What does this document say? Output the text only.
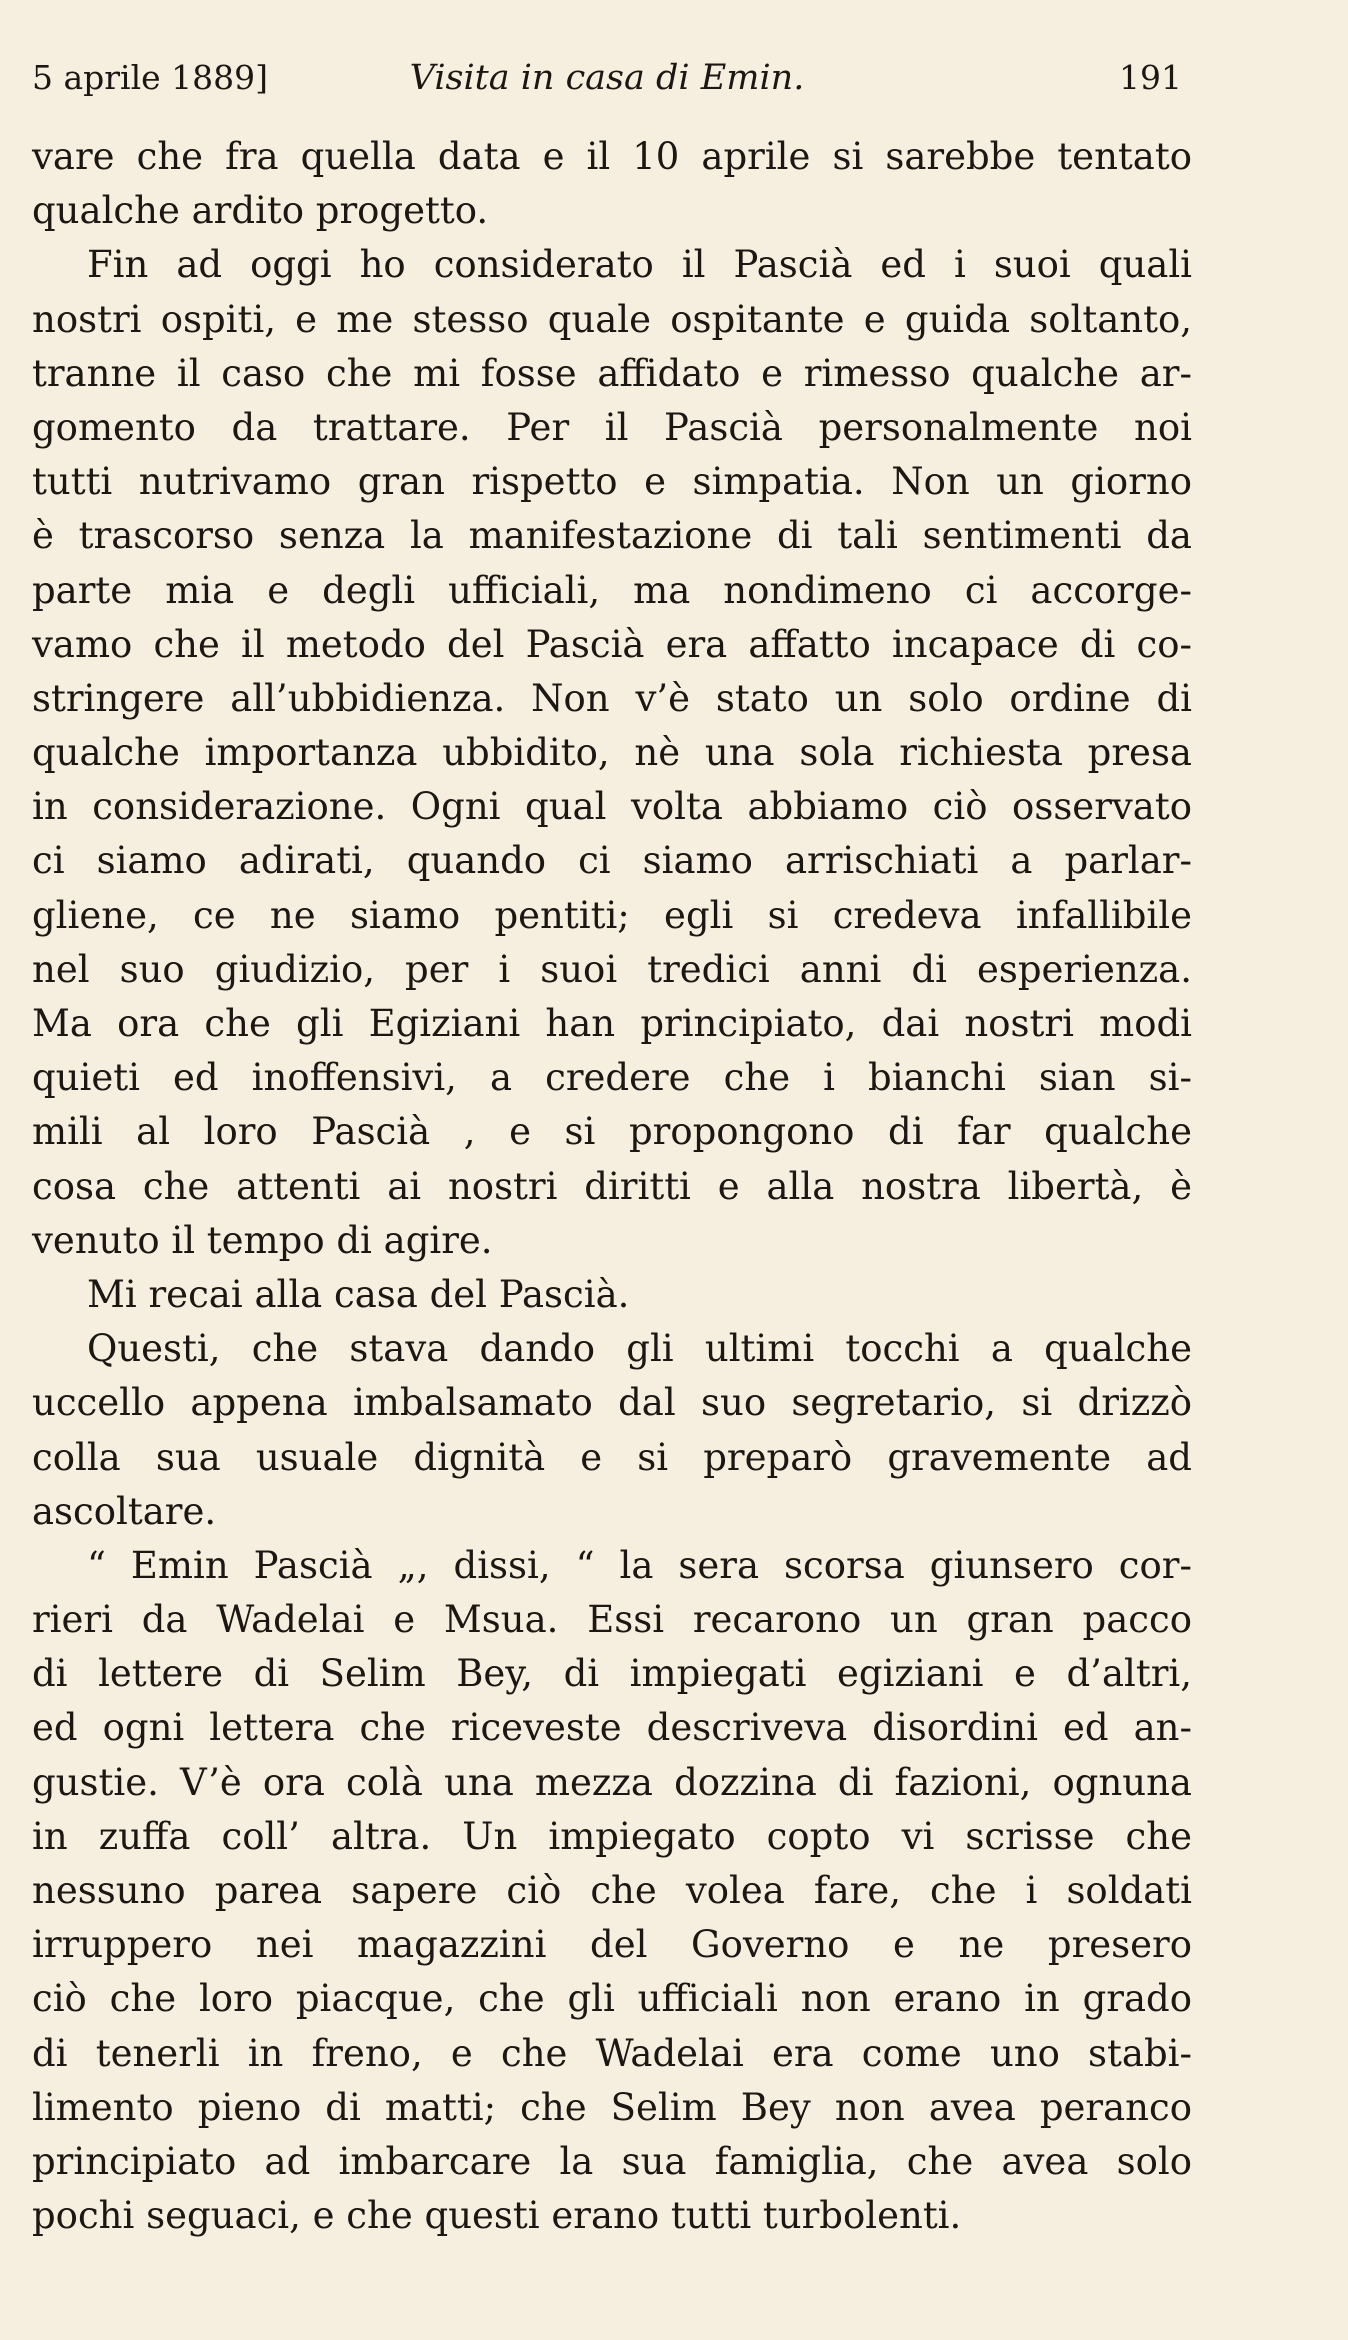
5 aprile 1889]	Visita in casa di Emin.	191
vare che fra quella data e il 10 aprile si sarebbe tentato
qualche ardito progetto.
Fin ad oggi ho considerato il Pascià ed i suoi quali
nostri ospiti, e me stesso quale ospitante e guida soltanto,
tranne il caso che mi fosse affidato e rimesso qualche ar-
gomento da trattare. Per il Pascià personalmente noi
tutti nutrivamo gran rispetto e simpatia. Non un giorno
è trascorso senza la manifestazione di tali sentimenti da
parte mia e degli ufficiali, ma nondimeno ci accorge-
vamo che il metodo del Pascià era affatto incapace di co-
stringere all’ubbidienza. Non v’è stato un solo ordine di
qualche importanza ubbidito, nè una sola richiesta presa
in considerazione. Ogni qual volta abbiamo ciò osservato
ci siamo adirati, quando ci siamo arrischiati a parlar-
gliene, ce ne siamo pentiti; egli si credeva infallibile
nel suo giudizio, per i suoi tredici anni di esperienza.
Ma ora che gli Egiziani han principiato, dai nostri modi
quieti ed inoffensivi, a credere che i bianchi sian si-
mili al loro Pascià , e si propongono di far qualche
cosa che attenti ai nostri diritti e alla nostra libertà, è
venuto il tempo di agire.
Mi recai alla casa del Pascià.
Questi, che stava dando gli ultimi tocchi a qualche
uccello appena imbalsamato dal suo segretario, si drizzò
colla sua usuale dignità e si preparò gravemente ad
ascoltare.
“ Emin Pascià „, dissi, “ la sera scorsa giunsero cor-
rieri da Wadelai e Msua. Essi recarono un gran pacco
di lettere di Selim Bey, di impiegati egiziani e d’altri,
ed ogni lettera che riceveste descriveva disordini ed an-
gustie. V’è ora colà una mezza dozzina di fazioni, ognuna
in zuffa coll’ altra. Un impiegato copto vi scrisse che
nessuno parea sapere ciò che volea fare, che i soldati
irruppero nei magazzini del Governo e ne presero
ciò che loro piacque, che gli ufficiali non erano in grado
di tenerli in freno, e che Wadelai era come uno stabi-
limento pieno di matti; che Selim Bey non avea peranco
principiato ad imbarcare la sua famiglia, che avea solo
pochi seguaci, e che questi erano tutti turbolenti.
